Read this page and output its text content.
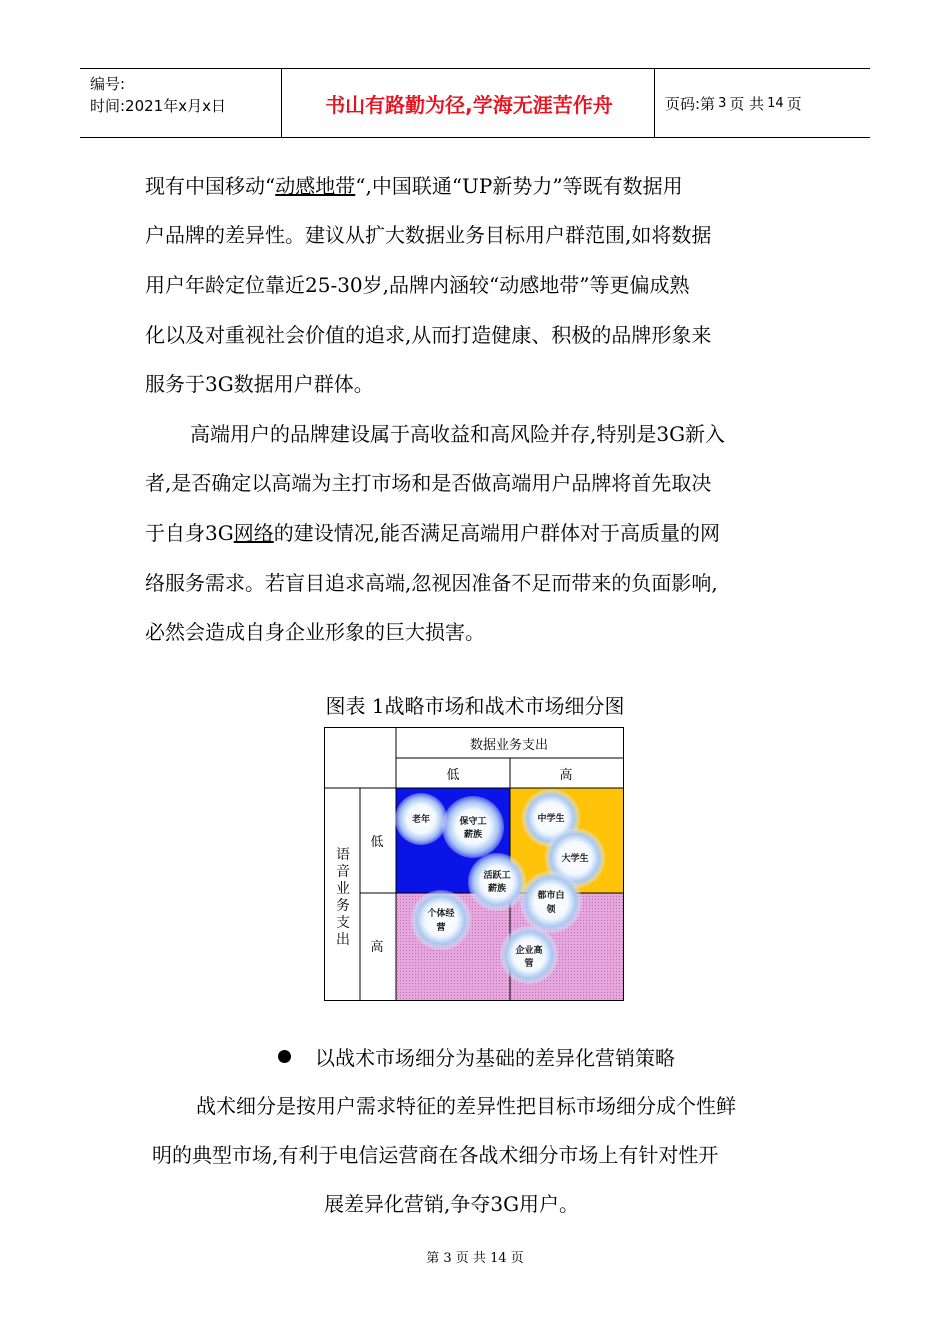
编号:
时间:2021年x月x日	书山有路勤为径,学海无涯苦作舟	页码:第 3 页 共 14 页
现有中国移动“动感地带“,中国联通“UP新势力”等既有数据用
户品牌的差异性。建议从扩大数据业务目标用户群范围,如将数据
用户年龄定位靠近25-30岁,品牌内涵较“动感地带”等更偏成熟
化以及对重视社会价值的追求,从而打造健康、积极的品牌形象来
服务于3G数据用户群体。
高端用户的品牌建设属于高收益和高风险并存,特别是3G新入
者,是否确定以高端为主打市场和是否做高端用户品牌将首先取决
于自身3G网络的建设情况,能否满足高端用户群体对于高质量的网
络服务需求。若盲目追求高端,忽视因准备不足而带来的负面影响,
必然会造成自身企业形象的巨大损害。
图表 1战略市场和战术市场细分图
数据业务支出
低	高
低
高
语
音
业
务
支
出
老年	保守工
薪族
中学生
大学生
活跃工
薪族
都市白
领
个体经
营
企业高
管
以战术市场细分为基础的差异化营销策略
战术细分是按用户需求特征的差异性把目标市场细分成个性鲜
明的典型市场,有利于电信运营商在各战术细分市场上有针对性开
展差异化营销,争夺3G用户。
第 3 页 共 14 页
